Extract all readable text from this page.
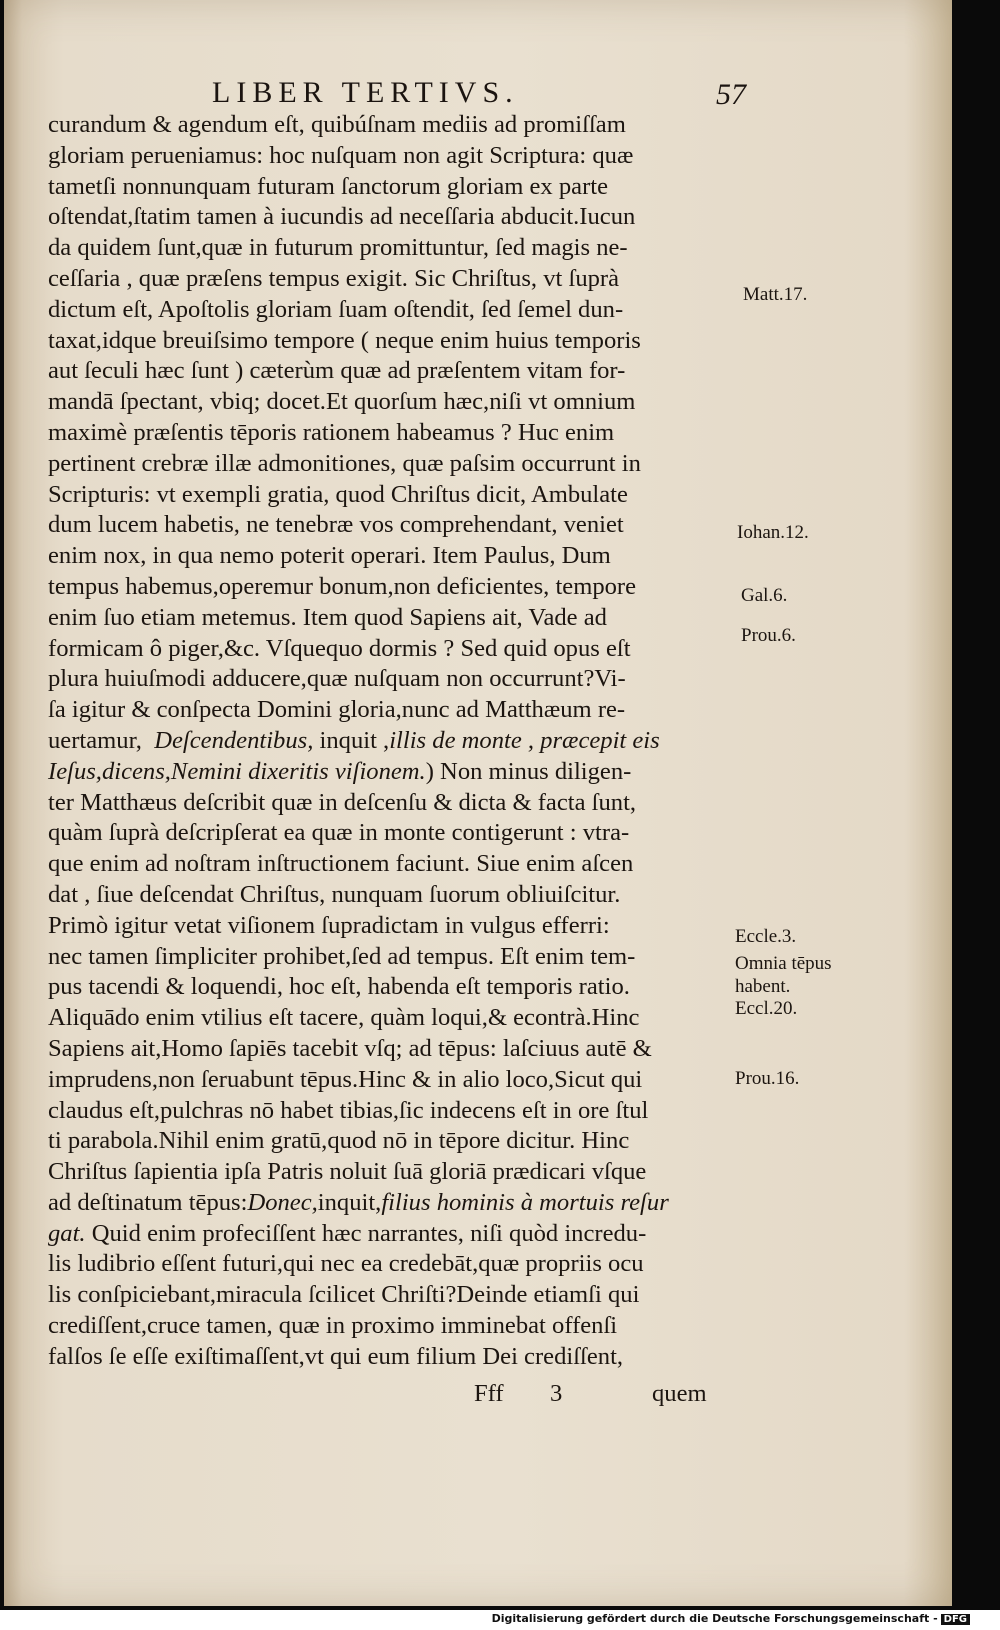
LIBER TERTIVS.	57
curandum & agendum eſt, quibúſnam mediis ad promiſſam
gloriam perueniamus: hoc nuſquam non agit Scriptura: quæ
tametſi nonnunquam futuram ſanctorum gloriam ex parte
oſtendat,ſtatim tamen à iucundis ad neceſſaria abducit.Iucun
da quidem ſunt,quæ in futurum promittuntur, ſed magis ne-
ceſſaria , quæ præſens tempus exigit. Sic Chriſtus, vt ſuprà
dictum eſt, Apoſtolis gloriam ſuam oſtendit, ſed ſemel dun-
taxat,idque breuiſsimo tempore ( neque enim huius temporis
aut ſeculi hæc ſunt ) cæterùm quæ ad præſentem vitam for-
mandā ſpectant, vbiq; docet.Et quorſum hæc,niſi vt omnium
maximè præſentis tēporis rationem habeamus ? Huc enim
pertinent crebræ illæ admonitiones, quæ paſsim occurrunt in
Scripturis: vt exempli gratia, quod Chriſtus dicit, Ambulate
dum lucem habetis, ne tenebræ vos comprehendant, veniet
enim nox, in qua nemo poterit operari. Item Paulus, Dum
tempus habemus,operemur bonum,non deficientes, tempore
enim ſuo etiam metemus. Item quod Sapiens ait, Vade ad
formicam ô piger,&c. Vſquequo dormis ? Sed quid opus eſt
plura huiuſmodi adducere,quæ nuſquam non occurrunt?Vi-
ſa igitur & conſpecta Domini gloria,nunc ad Matthæum re-
uertamur, Deſcendentibus, inquit ,illis de monte , præcepit eis
Ieſus,dicens,Nemini dixeritis viſionem.) Non minus diligen-
ter Matthæus deſcribit quæ in deſcenſu & dicta & facta ſunt,
quàm ſuprà deſcripſerat ea quæ in monte contigerunt : vtra-
que enim ad noſtram inſtructionem faciunt. Siue enim aſcen
dat , ſiue deſcendat Chriſtus, nunquam ſuorum obliuiſcitur.
Primò igitur vetat viſionem ſupradictam in vulgus efferri:
nec tamen ſimpliciter prohibet,ſed ad tempus. Eſt enim tem-
pus tacendi & loquendi, hoc eſt, habenda eſt temporis ratio.
Aliquādo enim vtilius eſt tacere, quàm loqui,& econtrà.Hinc
Sapiens ait,Homo ſapiēs tacebit vſq; ad tēpus: laſciuus autē &
imprudens,non ſeruabunt tēpus.Hinc & in alio loco,Sicut qui
claudus eſt,pulchras nō habet tibias,ſic indecens eſt in ore ſtul
ti parabola.Nihil enim gratū,quod nō in tēpore dicitur. Hinc
Chriſtus ſapientia ipſa Patris noluit ſuā gloriā prædicari vſque
ad deſtinatum tēpus:Donec,inquit,filius hominis à mortuis reſur
gat. Quid enim profeciſſent hæc narrantes, niſi quòd incredu-
lis ludibrio eſſent futuri,qui nec ea credebāt,quæ propriis ocu
lis conſpiciebant,miracula ſcilicet Chriſti?Deinde etiamſi qui
crediſſent,cruce tamen, quæ in proximo imminebat offenſi
falſos ſe eſſe exiſtimaſſent,vt qui eum filium Dei crediſſent,
Matt.17.
Iohan.12.
Gal.6.
Prou.6.
Eccle.3.
Omnia tēpus
habent.
Eccl.20.
Prou.16.
Fff 3	quem
Digitalisierung gefördert durch die Deutsche Forschungsgemeinschaft - DFG
